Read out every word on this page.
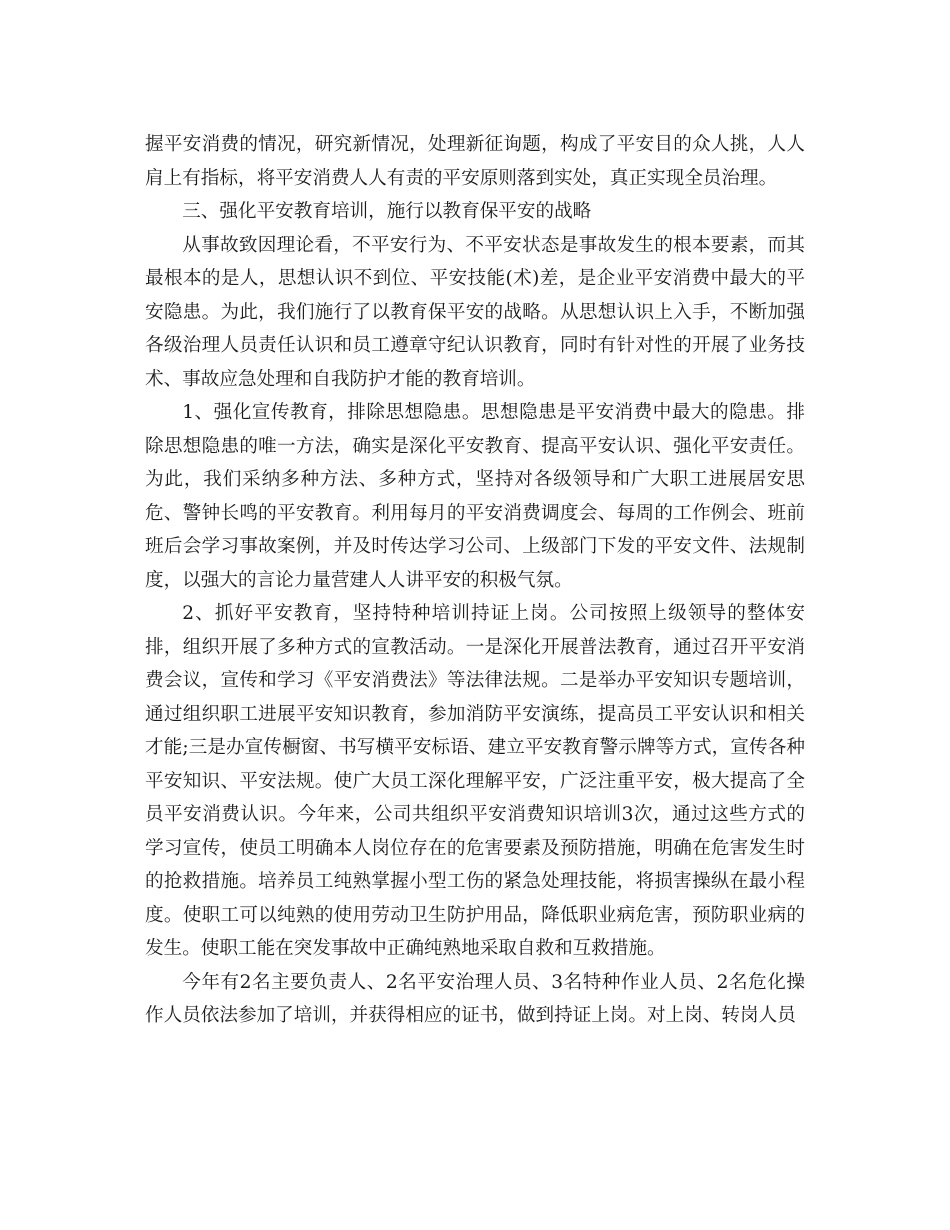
握平安消费的情况，研究新情况，处理新征询题，构成了平安目的众人挑，人人肩上有指标，将平安消费人人有责的平安原则落到实处，真正实现全员治理。

三、强化平安教育培训，施行以教育保平安的战略

从事故致因理论看，不平安行为、不平安状态是事故发生的根本要素，而其最根本的是人，思想认识不到位、平安技能(术)差，是企业平安消费中最大的平安隐患。为此，我们施行了以教育保平安的战略。从思想认识上入手，不断加强各级治理人员责任认识和员工遵章守纪认识教育，同时有针对性的开展了业务技术、事故应急处理和自我防护才能的教育培训。

1、强化宣传教育，排除思想隐患。思想隐患是平安消费中最大的隐患。排除思想隐患的唯一方法，确实是深化平安教育、提高平安认识、强化平安责任。为此，我们采纳多种方法、多种方式，坚持对各级领导和广大职工进展居安思危、警钟长鸣的平安教育。利用每月的平安消费调度会、每周的工作例会、班前班后会学习事故案例，并及时传达学习公司、上级部门下发的平安文件、法规制度，以强大的言论力量营建人人讲平安的积极气氛。

2、抓好平安教育，坚持特种培训持证上岗。公司按照上级领导的整体安排，组织开展了多种方式的宣教活动。一是深化开展普法教育，通过召开平安消费会议，宣传和学习《平安消费法》等法律法规。二是举办平安知识专题培训，通过组织职工进展平安知识教育，参加消防平安演练，提高员工平安认识和相关才能;三是办宣传橱窗、书写横平安标语、建立平安教育警示牌等方式，宣传各种平安知识、平安法规。使广大员工深化理解平安，广泛注重平安，极大提高了全员平安消费认识。今年来，公司共组织平安消费知识培训3次，通过这些方式的学习宣传，使员工明确本人岗位存在的危害要素及预防措施，明确在危害发生时的抢救措施。培养员工纯熟掌握小型工伤的紧急处理技能，将损害操纵在最小程度。使职工可以纯熟的使用劳动卫生防护用品，降低职业病危害，预防职业病的发生。使职工能在突发事故中正确纯熟地采取自救和互救措施。

今年有2名主要负责人、2名平安治理人员、3名特种作业人员、2名危化操作人员依法参加了培训，并获得相应的证书，做到持证上岗。对上岗、转岗人员
